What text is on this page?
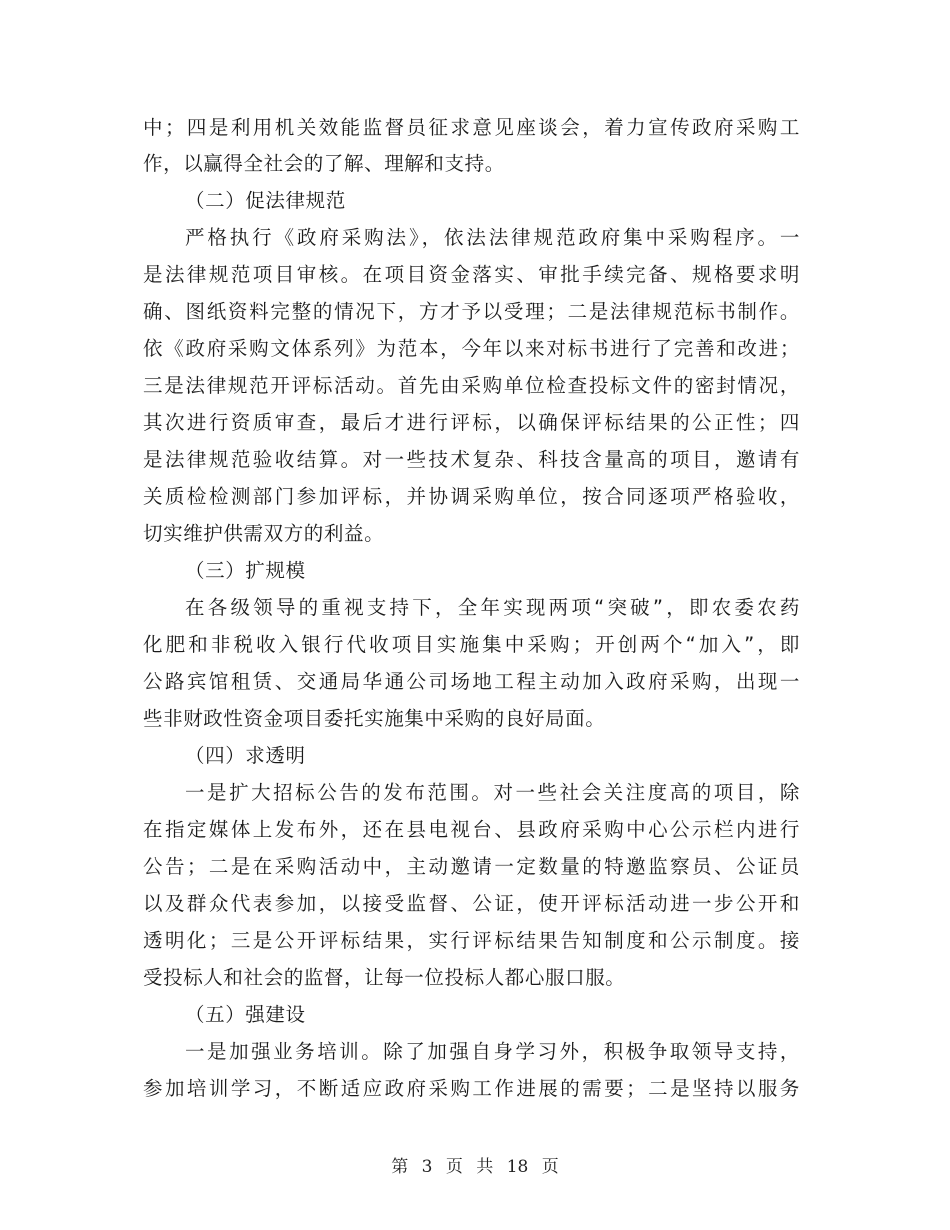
中；四是利用机关效能监督员征求意见座谈会，着力宣传政府采购工
作，以赢得全社会的了解、理解和支持。
（二）促法律规范
严格执行《政府采购法》，依法法律规范政府集中采购程序。一
是法律规范项目审核。在项目资金落实、审批手续完备、规格要求明
确、图纸资料完整的情况下，方才予以受理；二是法律规范标书制作。
依《政府采购文体系列》为范本，今年以来对标书进行了完善和改进；
三是法律规范开评标活动。首先由采购单位检查投标文件的密封情况，
其次进行资质审查，最后才进行评标，以确保评标结果的公正性；四
是法律规范验收结算。对一些技术复杂、科技含量高的项目，邀请有
关质检检测部门参加评标，并协调采购单位，按合同逐项严格验收，
切实维护供需双方的利益。
（三）扩规模
在各级领导的重视支持下，全年实现两项“突破”，即农委农药
化肥和非税收入银行代收项目实施集中采购；开创两个“加入”，即
公路宾馆租赁、交通局华通公司场地工程主动加入政府采购，出现一
些非财政性资金项目委托实施集中采购的良好局面。
（四）求透明
一是扩大招标公告的发布范围。对一些社会关注度高的项目，除
在指定媒体上发布外，还在县电视台、县政府采购中心公示栏内进行
公告；二是在采购活动中，主动邀请一定数量的特邀监察员、公证员
以及群众代表参加，以接受监督、公证，使开评标活动进一步公开和
透明化；三是公开评标结果，实行评标结果告知制度和公示制度。接
受投标人和社会的监督，让每一位投标人都心服口服。
（五）强建设
一是加强业务培训。除了加强自身学习外，积极争取领导支持，
参加培训学习，不断适应政府采购工作进展的需要；二是坚持以服务
第 3 页 共 18 页
